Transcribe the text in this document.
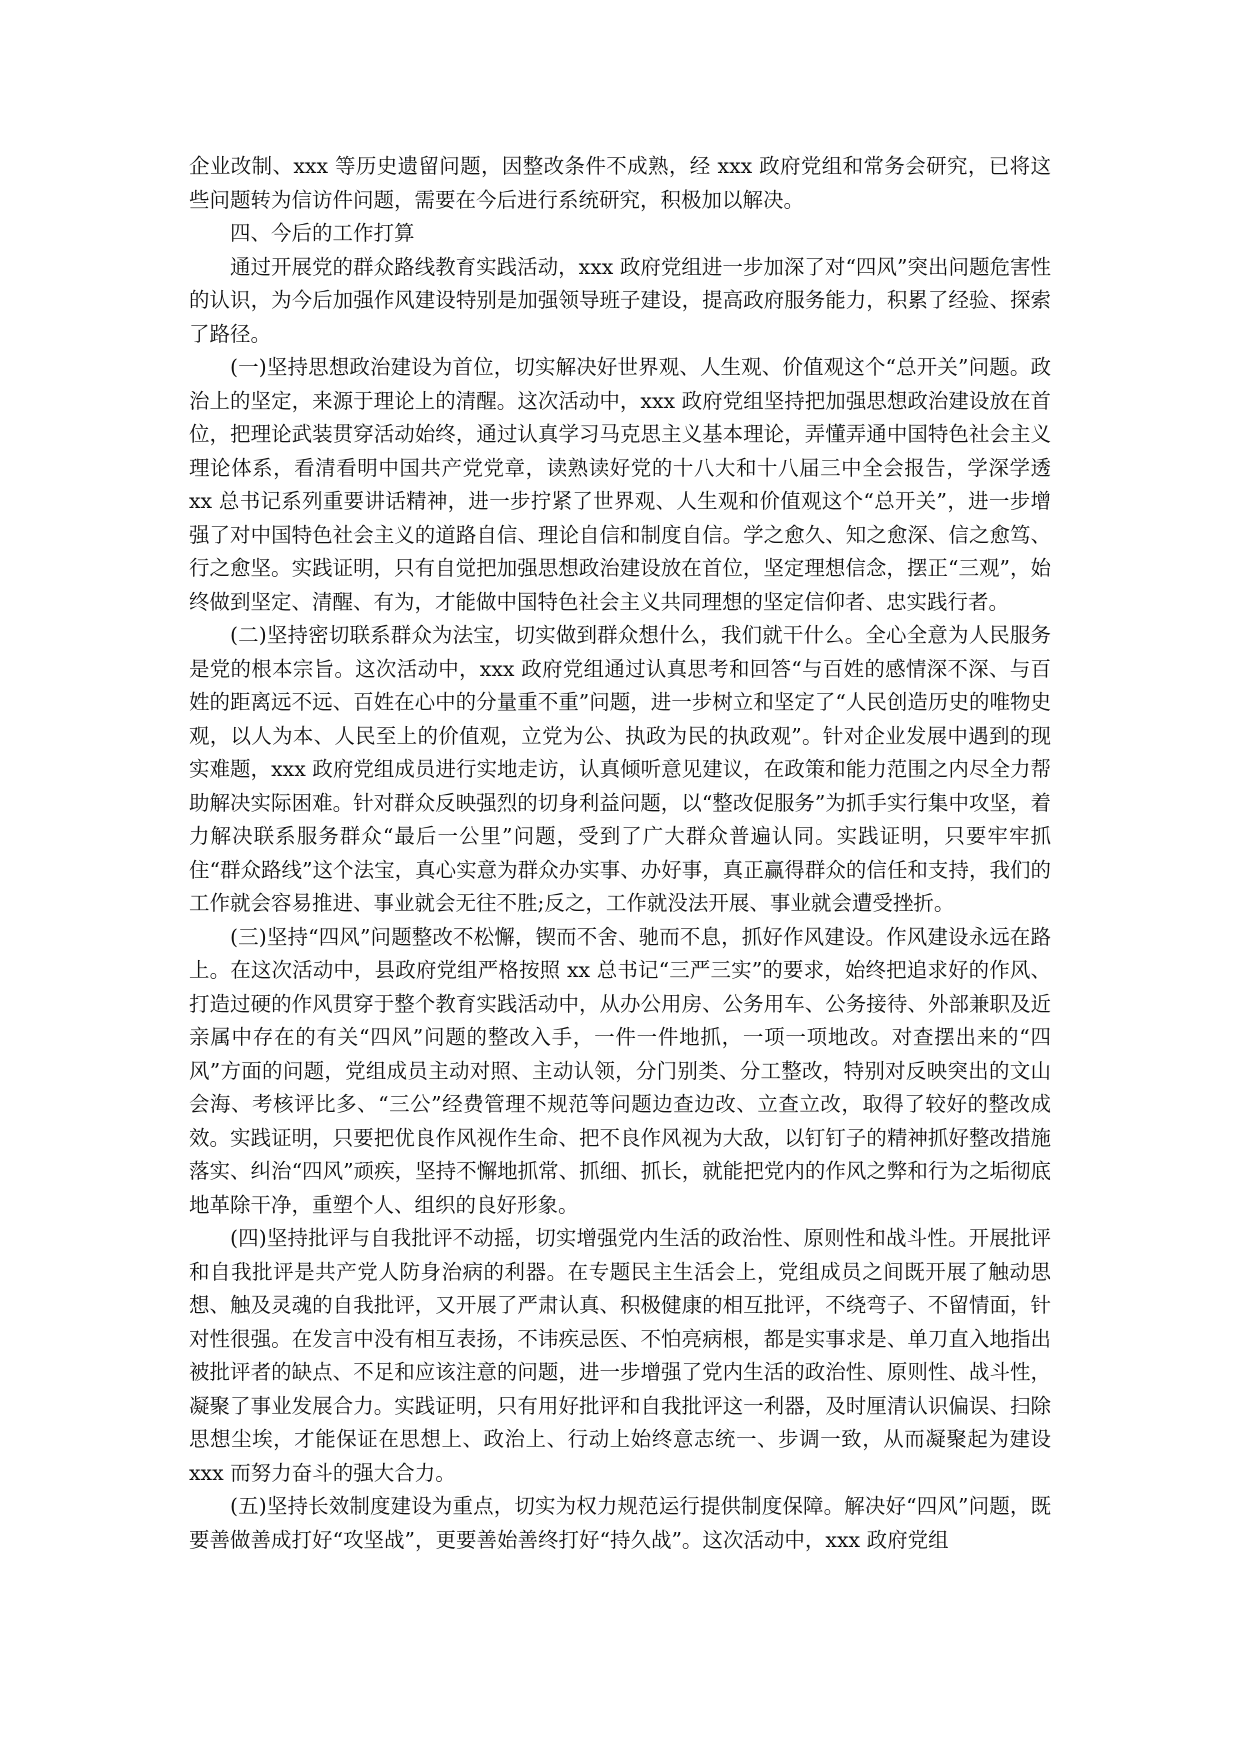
企业改制、xxx 等历史遗留问题，因整改条件不成熟，经 xxx 政府党组和常务会研究，已将这些问题转为信访件问题，需要在今后进行系统研究，积极加以解决。

四、今后的工作打算

通过开展党的群众路线教育实践活动，xxx 政府党组进一步加深了对“四风”突出问题危害性的认识，为今后加强作风建设特别是加强领导班子建设，提高政府服务能力，积累了经验、探索了路径。

(一)坚持思想政治建设为首位，切实解决好世界观、人生观、价值观这个“总开关”问题。政治上的坚定，来源于理论上的清醒。这次活动中，xxx 政府党组坚持把加强思想政治建设放在首位，把理论武装贯穿活动始终，通过认真学习马克思主义基本理论，弄懂弄通中国特色社会主义理论体系，看清看明中国共产党党章，读熟读好党的十八大和十八届三中全会报告，学深学透 xx 总书记系列重要讲话精神，进一步拧紧了世界观、人生观和价值观这个“总开关”，进一步增强了对中国特色社会主义的道路自信、理论自信和制度自信。学之愈久、知之愈深、信之愈笃、行之愈坚。实践证明，只有自觉把加强思想政治建设放在首位，坚定理想信念，摆正“三观”，始终做到坚定、清醒、有为，才能做中国特色社会主义共同理想的坚定信仰者、忠实践行者。

(二)坚持密切联系群众为法宝，切实做到群众想什么，我们就干什么。全心全意为人民服务是党的根本宗旨。这次活动中，xxx 政府党组通过认真思考和回答“与百姓的感情深不深、与百姓的距离远不远、百姓在心中的分量重不重”问题，进一步树立和坚定了“人民创造历史的唯物史观，以人为本、人民至上的价值观，立党为公、执政为民的执政观”。针对企业发展中遇到的现实难题，xxx 政府党组成员进行实地走访，认真倾听意见建议，在政策和能力范围之内尽全力帮助解决实际困难。针对群众反映强烈的切身利益问题，以“整改促服务”为抓手实行集中攻坚，着力解决联系服务群众“最后一公里”问题，受到了广大群众普遍认同。实践证明，只要牢牢抓住“群众路线”这个法宝，真心实意为群众办实事、办好事，真正赢得群众的信任和支持，我们的工作就会容易推进、事业就会无往不胜;反之，工作就没法开展、事业就会遭受挫折。

(三)坚持“四风”问题整改不松懈，锲而不舍、驰而不息，抓好作风建设。作风建设永远在路上。在这次活动中，县政府党组严格按照 xx 总书记“三严三实”的要求，始终把追求好的作风、打造过硬的作风贯穿于整个教育实践活动中，从办公用房、公务用车、公务接待、外部兼职及近亲属中存在的有关“四风”问题的整改入手，一件一件地抓，一项一项地改。对查摆出来的“四风”方面的问题，党组成员主动对照、主动认领，分门别类、分工整改，特别对反映突出的文山会海、考核评比多、“三公”经费管理不规范等问题边查边改、立查立改，取得了较好的整改成效。实践证明，只要把优良作风视作生命、把不良作风视为大敌，以钉钉子的精神抓好整改措施落实、纠治“四风”顽疾，坚持不懈地抓常、抓细、抓长，就能把党内的作风之弊和行为之垢彻底地革除干净，重塑个人、组织的良好形象。

(四)坚持批评与自我批评不动摇，切实增强党内生活的政治性、原则性和战斗性。开展批评和自我批评是共产党人防身治病的利器。在专题民主生活会上，党组成员之间既开展了触动思想、触及灵魂的自我批评，又开展了严肃认真、积极健康的相互批评，不绕弯子、不留情面，针对性很强。在发言中没有相互表扬，不讳疾忌医、不怕亮病根，都是实事求是、单刀直入地指出被批评者的缺点、不足和应该注意的问题，进一步增强了党内生活的政治性、原则性、战斗性，凝聚了事业发展合力。实践证明，只有用好批评和自我批评这一利器，及时厘清认识偏误、扫除思想尘埃，才能保证在思想上、政治上、行动上始终意志统一、步调一致，从而凝聚起为建设 xxx 而努力奋斗的强大合力。

(五)坚持长效制度建设为重点，切实为权力规范运行提供制度保障。解决好“四风”问题，既要善做善成打好“攻坚战”，更要善始善终打好“持久战”。这次活动中，xxx 政府党组
